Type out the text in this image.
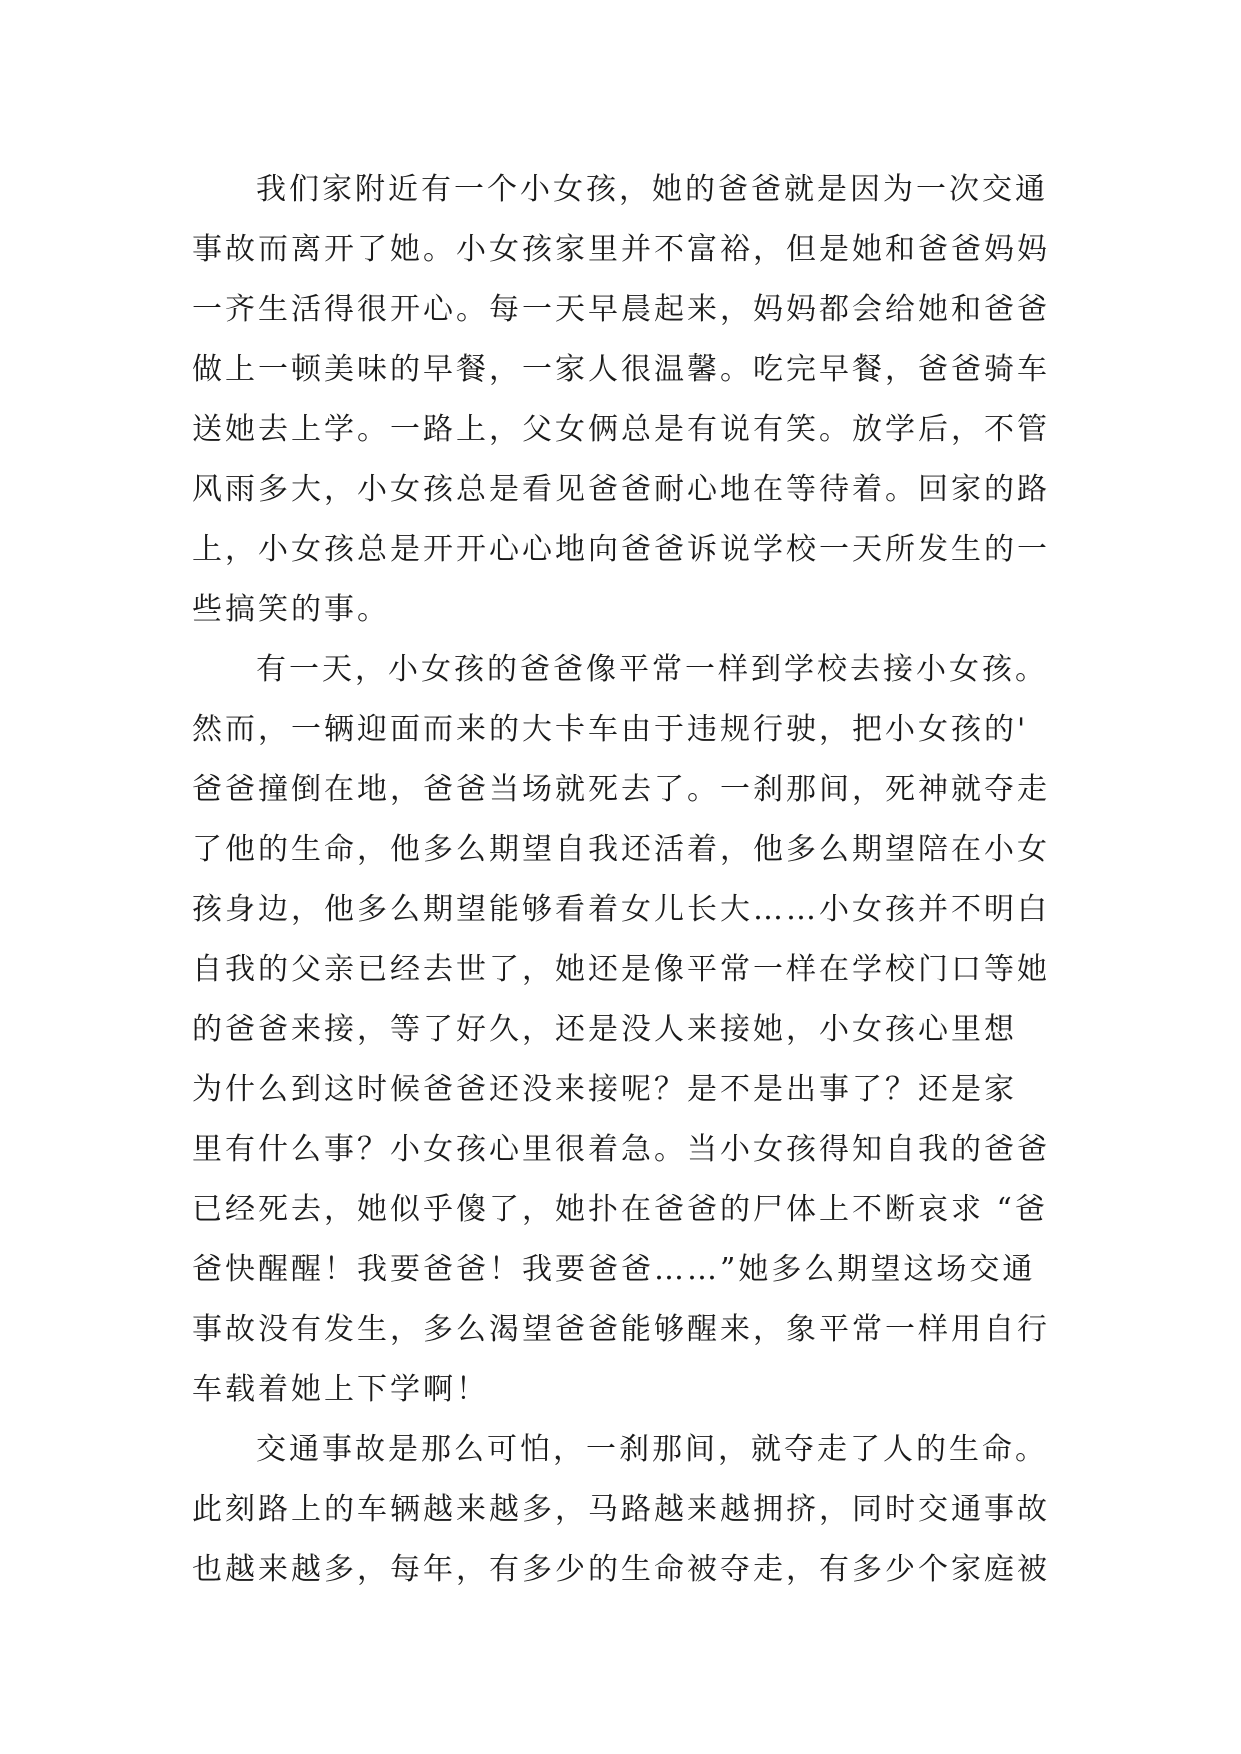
我们家附近有一个小女孩，她的爸爸就是因为一次交通
事故而离开了她。小女孩家里并不富裕，但是她和爸爸妈妈
一齐生活得很开心。每一天早晨起来，妈妈都会给她和爸爸
做上一顿美味的早餐，一家人很温馨。吃完早餐，爸爸骑车
送她去上学。一路上，父女俩总是有说有笑。放学后，不管
风雨多大，小女孩总是看见爸爸耐心地在等待着。回家的路
上，小女孩总是开开心心地向爸爸诉说学校一天所发生的一
些搞笑的事。
有一天，小女孩的爸爸像平常一样到学校去接小女孩。
然而，一辆迎面而来的大卡车由于违规行驶，把小女孩的'
爸爸撞倒在地，爸爸当场就死去了。一刹那间，死神就夺走
了他的生命，他多么期望自我还活着，他多么期望陪在小女
孩身边，他多么期望能够看着女儿长大……小女孩并不明白
自我的父亲已经去世了，她还是像平常一样在学校门口等她
的爸爸来接，等了好久，还是没人来接她，小女孩心里想
为什么到这时候爸爸还没来接呢？是不是出事了？还是家
里有什么事？小女孩心里很着急。当小女孩得知自我的爸爸
已经死去，她似乎傻了，她扑在爸爸的尸体上不断哀求 “爸
爸快醒醒！我要爸爸！我要爸爸……”她多么期望这场交通
事故没有发生，多么渴望爸爸能够醒来，象平常一样用自行
车载着她上下学啊！
交通事故是那么可怕，一刹那间，就夺走了人的生命。
此刻路上的车辆越来越多，马路越来越拥挤，同时交通事故
也越来越多，每年，有多少的生命被夺走，有多少个家庭被
